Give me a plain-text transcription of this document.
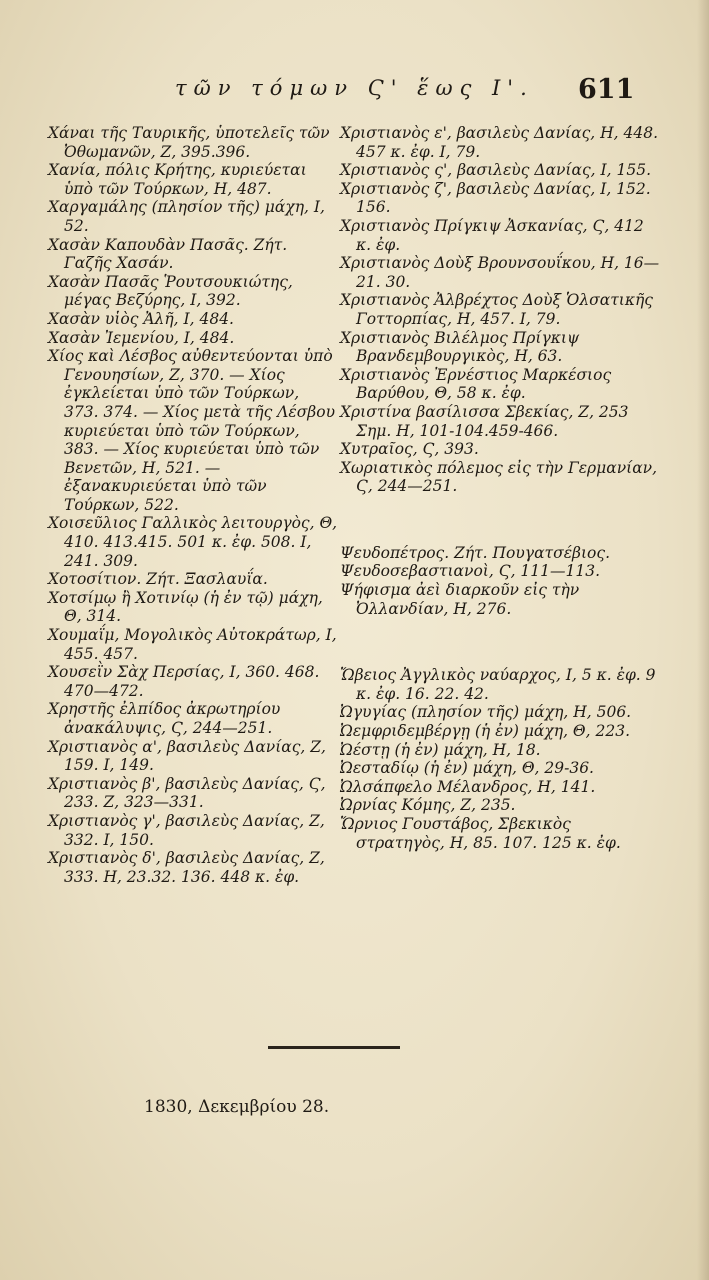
τῶν τόμων Ϛ' ἕως Ι'. 611

Χάναι τῆς Ταυρικῆς, ὑποτελεῖς τῶν Ὀθωμανῶν, Ζ, 395.396.

Χανία, πόλις Κρήτης, κυριεύεται ὑπὸ τῶν Τούρκων, Η, 487.

Χαργαμάλης (πλησίον τῆς) μάχη, Ι, 52.

Χασὰν Καπουδὰν Πασᾶς. Ζήτ. Γαζῆς Χασάν.

Χασὰν Πασᾶς Ῥουτσουκιώτης, μέγας Βεζύρης, Ι, 392.

Χασὰν υἱὸς Ἀλῆ, Ι, 484.

Χασὰν Ἰεμενίου, Ι, 484.

Χίος καὶ Λέσβος αὐθεντεύονται ὑπὸ Γενουησίων, Ζ, 370. — Χίος ἐγκλείεται ὑπὸ τῶν Τούρκων, 373. 374. — Χίος μετὰ τῆς Λέσβου κυριεύεται ὑπὸ τῶν Τούρκων, 383. — Χίος κυριεύεται ὑπὸ τῶν Βενετῶν, Η, 521. — ἐξανακυριεύεται ὑπὸ τῶν Τούρκων, 522.

Χοισεῦλιος Γαλλικὸς λειτουργὸς, Θ, 410. 413.415. 501 κ. ἐφ. 508. Ι, 241. 309.

Χοτοσίτιον. Ζήτ. Ξασλαυΐα.

Χοτσίμῳ ἢ Χοτινίῳ (ἡ ἐν τῷ) μάχη, Θ, 314.

Χουμαΐμ, Μογολικὸς Αὐτοκράτωρ, Ι, 455. 457.

Χουσεῒν Σὰχ Περσίας, Ι, 360. 468. 470—472.

Χρηστῆς ἐλπίδος ἀκρωτηρίου ἀνακάλυψις, Ϛ, 244—251.

Χριστιανὸς α', βασιλεὺς Δανίας, Ζ, 159. Ι, 149.

Χριστιανὸς β', βασιλεὺς Δανίας, Ϛ, 233. Ζ, 323—331.

Χριστιανὸς γ', βασιλεὺς Δανίας, Ζ, 332. Ι, 150.

Χριστιανὸς δ', βασιλεὺς Δανίας, Ζ, 333. Η, 23.32. 136. 448 κ. ἐφ.

Χριστιανὸς ε', βασιλεὺς Δανίας, Η, 448. 457 κ. ἐφ. Ι, 79.

Χριστιανὸς ς', βασιλεὺς Δανίας, Ι, 155.

Χριστιανὸς ζ', βασιλεὺς Δανίας, Ι, 152. 156.

Χριστιανὸς Πρίγκιψ Ἀσκανίας, Ϛ, 412 κ. ἐφ.

Χριστιανὸς Δοὺξ Βρουνσουΐκου, Η, 16—21. 30.

Χριστιανὸς Ἀλβρέχτος Δοὺξ Ὁλσατικῆς Γοττορπίας, Η, 457. Ι, 79.

Χριστιανὸς Βιλέλμος Πρίγκιψ Βρανδεμβουργικὸς, Η, 63.

Χριστιανὸς Ἐρνέστιος Μαρκέσιος Βαρύθου, Θ, 58 κ. ἐφ.

Χριστίνα βασίλισσα Σβεκίας, Ζ, 253 Σημ. Η, 101-104.459-466.

Χυτραῖος, Ϛ, 393.

Χωριατικὸς πόλεμος εἰς τὴν Γερμανίαν, Ϛ, 244—251.

Ψευδοπέτρος. Ζήτ. Πουγατσέβιος.

Ψευδοσεβαστιανοὶ, Ϛ, 111—113.

Ψήφισμα ἀεὶ διαρκοῦν εἰς τὴν Ὀλλανδίαν, Η, 276.

Ὤβειος Ἀγγλικὸς ναύαρχος, Ι, 5 κ. ἐφ. 9 κ. ἐφ. 16. 22. 42.

Ὠγυγίας (πλησίον τῆς) μάχη, Η, 506.

Ὠεμφριδεμβέργῃ (ἡ ἐν) μάχη, Θ, 223.

Ὠέστῃ (ἡ ἐν) μάχη, Η, 18.

Ὠεσταδίῳ (ἡ ἐν) μάχη, Θ, 29-36.

Ὠλσάπφελο Μέλανδρος, Η, 141.

Ὠρνίας Κόμης, Ζ, 235.

Ὤρνιος Γουστάβος, Σβεκικὸς στρατηγὸς, Η, 85. 107. 125 κ. ἐφ.

1830, Δεκεμβρίου 28.
